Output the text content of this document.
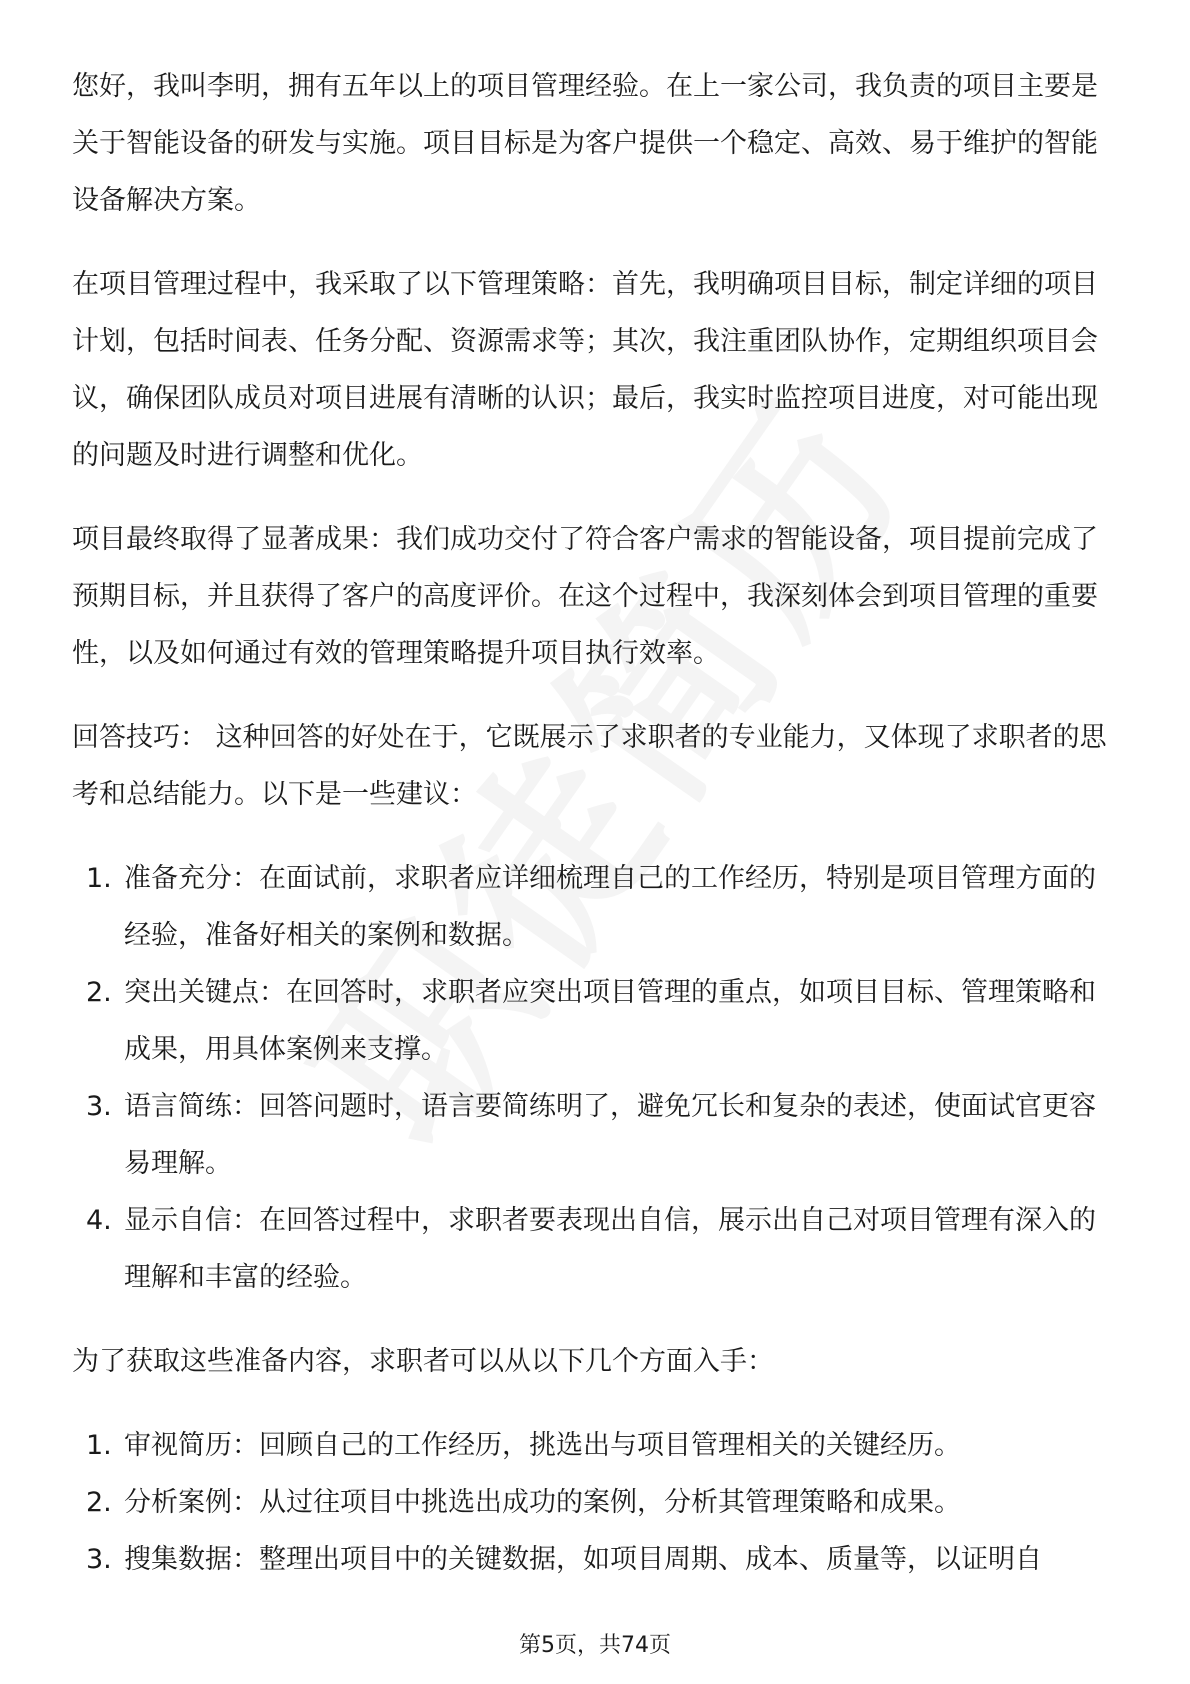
您好，我叫李明，拥有五年以上的项目管理经验。在上一家公司，我负责的项目主要是关于智能设备的研发与实施。项目目标是为客户提供一个稳定、高效、易于维护的智能设备解决方案。

在项目管理过程中，我采取了以下管理策略：首先，我明确项目目标，制定详细的项目计划，包括时间表、任务分配、资源需求等；其次，我注重团队协作，定期组织项目会议，确保团队成员对项目进展有清晰的认识；最后，我实时监控项目进度，对可能出现的问题及时进行调整和优化。

项目最终取得了显著成果：我们成功交付了符合客户需求的智能设备，项目提前完成了预期目标，并且获得了客户的高度评价。在这个过程中，我深刻体会到项目管理的重要性，以及如何通过有效的管理策略提升项目执行效率。

回答技巧： 这种回答的好处在于，它既展示了求职者的专业能力，又体现了求职者的思考和总结能力。以下是一些建议：

1. 准备充分：在面试前，求职者应详细梳理自己的工作经历，特别是项目管理方面的经验，准备好相关的案例和数据。
2. 突出关键点：在回答时，求职者应突出项目管理的重点，如项目目标、管理策略和成果，用具体案例来支撑。
3. 语言简练：回答问题时，语言要简练明了，避免冗长和复杂的表述，使面试官更容易理解。
4. 显示自信：在回答过程中，求职者要表现出自信，展示出自己对项目管理有深入的理解和丰富的经验。

为了获取这些准备内容，求职者可以从以下几个方面入手：

1. 审视简历：回顾自己的工作经历，挑选出与项目管理相关的关键经历。
2. 分析案例：从过往项目中挑选出成功的案例，分析其管理策略和成果。
3. 搜集数据：整理出项目中的关键数据，如项目周期、成本、质量等，以证明自
第5页，共74页
